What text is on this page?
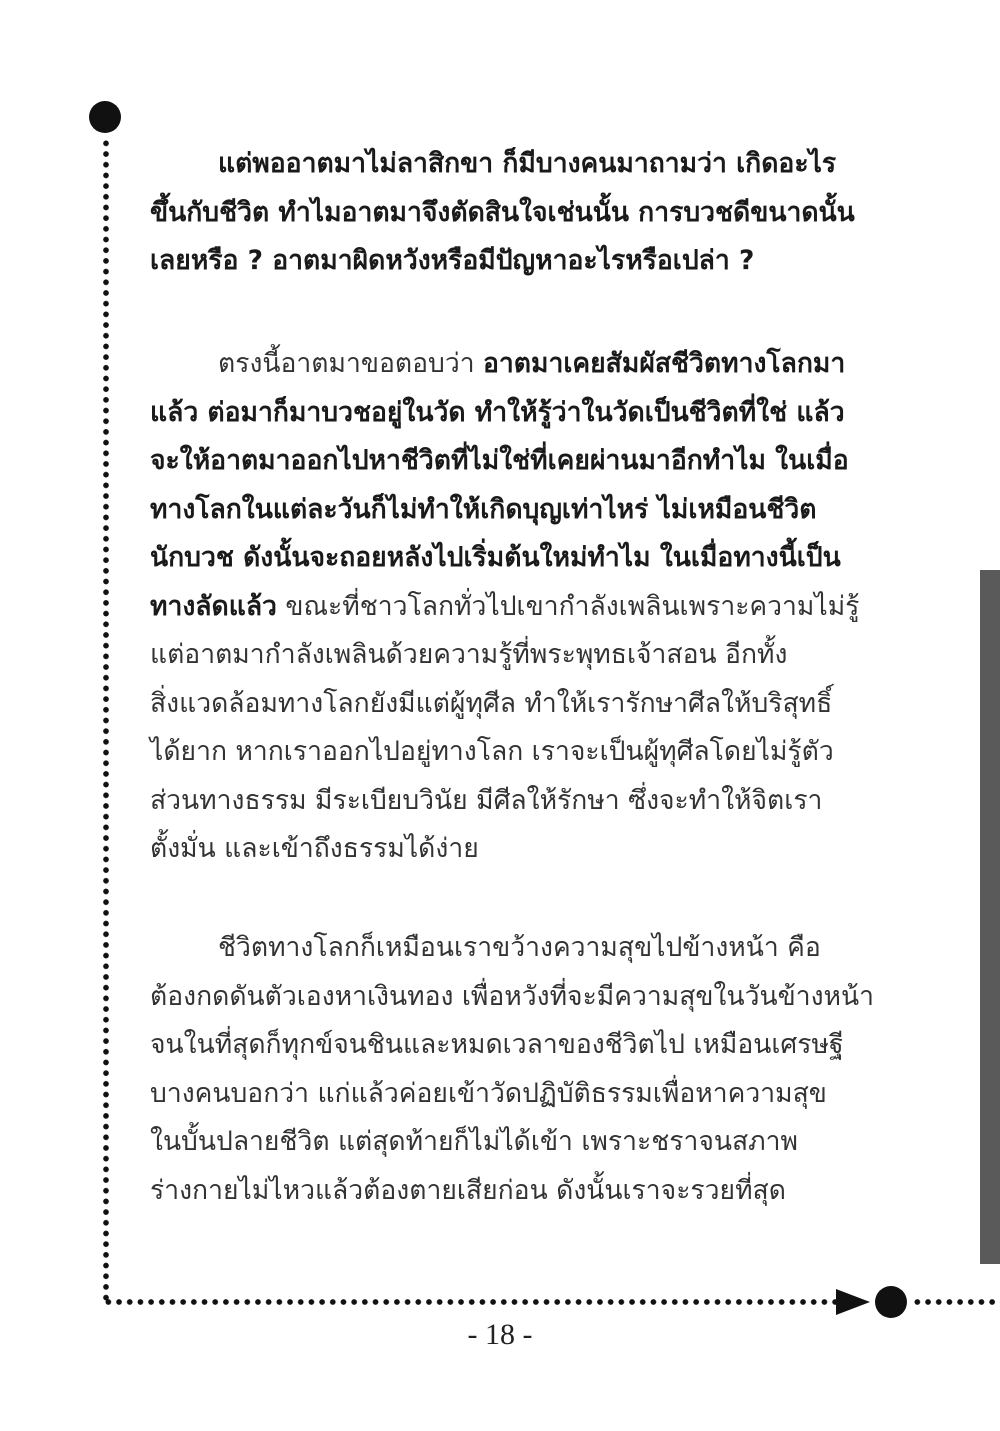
แต่พออาตมาไม่ลาสิกขา ก็มีบางคนมาถามว่า เกิดอะไร
ขึ้นกับชีวิต ทำไมอาตมาจึงตัดสินใจเช่นนั้น การบวชดีขนาดนั้น
เลยหรือ ? อาตมาผิดหวังหรือมีปัญหาอะไรหรือเปล่า ?
ตรงนี้อาตมาขอตอบว่า อาตมาเคยสัมผัสชีวิตทางโลกมา
แล้ว ต่อมาก็มาบวชอยู่ในวัด ทำให้รู้ว่าในวัดเป็นชีวิตที่ใช่ แล้ว
จะให้อาตมาออกไปหาชีวิตที่ไม่ใช่ที่เคยผ่านมาอีกทำไม ในเมื่อ
ทางโลกในแต่ละวันก็ไม่ทำให้เกิดบุญเท่าไหร่ ไม่เหมือนชีวิต
นักบวช ดังนั้นจะถอยหลังไปเริ่มต้นใหม่ทำไม ในเมื่อทางนี้เป็น
ทางลัดแล้ว ขณะที่ชาวโลกทั่วไปเขากำลังเพลินเพราะความไม่รู้
แต่อาตมากำลังเพลินด้วยความรู้ที่พระพุทธเจ้าสอน อีกทั้ง
สิ่งแวดล้อมทางโลกยังมีแต่ผู้ทุศีล ทำให้เรารักษาศีลให้บริสุทธิ์
ได้ยาก หากเราออกไปอยู่ทางโลก เราจะเป็นผู้ทุศีลโดยไม่รู้ตัว
ส่วนทางธรรม มีระเบียบวินัย มีศีลให้รักษา ซึ่งจะทำให้จิตเรา
ตั้งมั่น และเข้าถึงธรรมได้ง่าย
ชีวิตทางโลกก็เหมือนเราขว้างความสุขไปข้างหน้า คือ
ต้องกดดันตัวเองหาเงินทอง เพื่อหวังที่จะมีความสุขในวันข้างหน้า
จนในที่สุดก็ทุกข์จนชินและหมดเวลาของชีวิตไป เหมือนเศรษฐี
บางคนบอกว่า แก่แล้วค่อยเข้าวัดปฏิบัติธรรมเพื่อหาความสุข
ในบั้นปลายชีวิต แต่สุดท้ายก็ไม่ได้เข้า เพราะชราจนสภาพ
ร่างกายไม่ไหวแล้วต้องตายเสียก่อน ดังนั้นเราจะรวยที่สุด
- 18 -
